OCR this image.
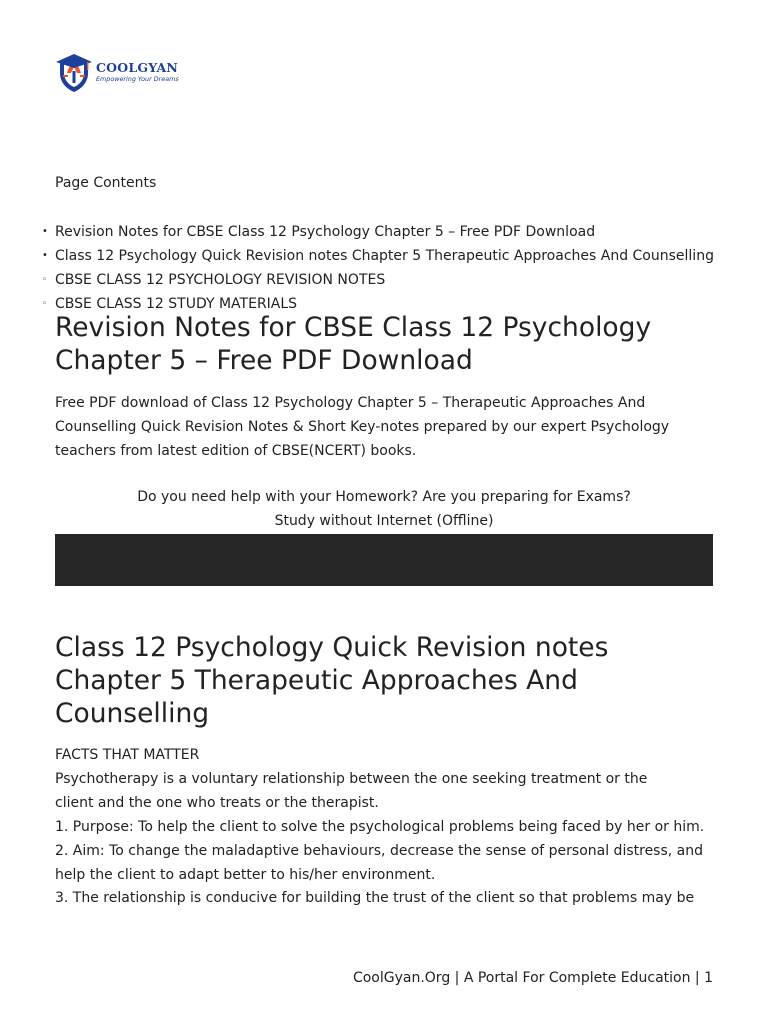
COOLGYAN
Empowering Your Dreams
Page Contents
• Revision Notes for CBSE Class 12 Psychology Chapter 5 – Free PDF Download
• Class 12 Psychology Quick Revision notes Chapter 5 Therapeutic Approaches And Counselling
◦ CBSE CLASS 12 PSYCHOLOGY REVISION NOTES
◦ CBSE CLASS 12 STUDY MATERIALS
Revision Notes for CBSE Class 12 Psychology Chapter 5 – Free PDF Download

Free PDF download of Class 12 Psychology Chapter 5 – Therapeutic Approaches And Counselling Quick Revision Notes & Short Key-notes prepared by our expert Psychology teachers from latest edition of CBSE(NCERT) books.

Do you need help with your Homework? Are you preparing for Exams?
Study without Internet (Offline)
Class 12 Psychology Quick Revision notes Chapter 5 Therapeutic Approaches And Counselling
FACTS THAT MATTER
Psychotherapy is a voluntary relationship between the one seeking treatment or the
client and the one who treats or the therapist.
1. Purpose: To help the client to solve the psychological problems being faced by her or him.
2. Aim: To change the maladaptive behaviours, decrease the sense of personal distress, and
help the client to adapt better to his/her environment.
3. The relationship is conducive for building the trust of the client so that problems may be
CoolGyan.Org | A Portal For Complete Education | 1
